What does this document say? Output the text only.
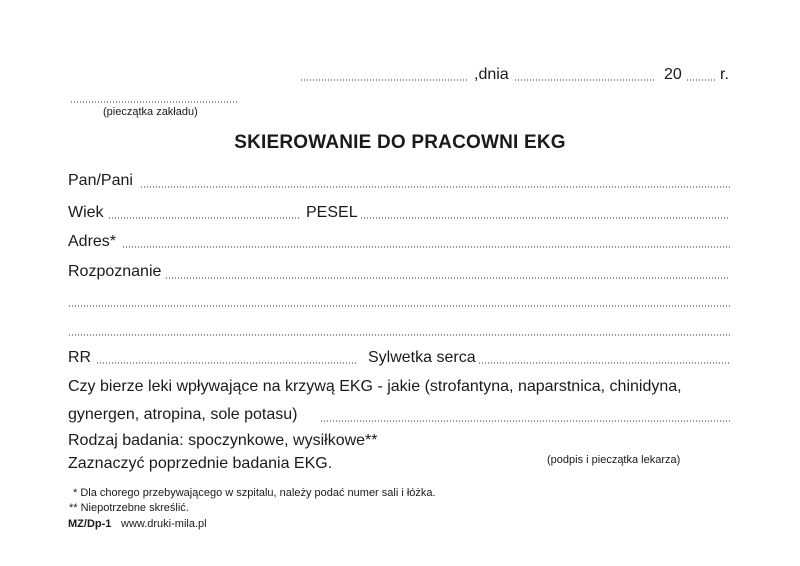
,dnia	20 r.
(pieczątka zakładu)
SKIEROWANIE DO PRACOWNI EKG
Pan/Pani
Wiek	PESEL
Adres*
Rozpoznanie
RR	Sylwetka serca
Czy bierze leki wpływające na krzywą EKG - jakie (strofantyna, naparstnica, chinidyna,
gynergen, atropina, sole potasu)
Rodzaj badania: spoczynkowe, wysiłkowe**
Zaznaczyć poprzednie badania EKG.	(podpis i pieczątka lekarza)
* Dla chorego przebywającego w szpitalu, należy podać numer sali i łóżka.
** Niepotrzebne skreślić.
MZ/Dp-1 www.druki-mila.pl
